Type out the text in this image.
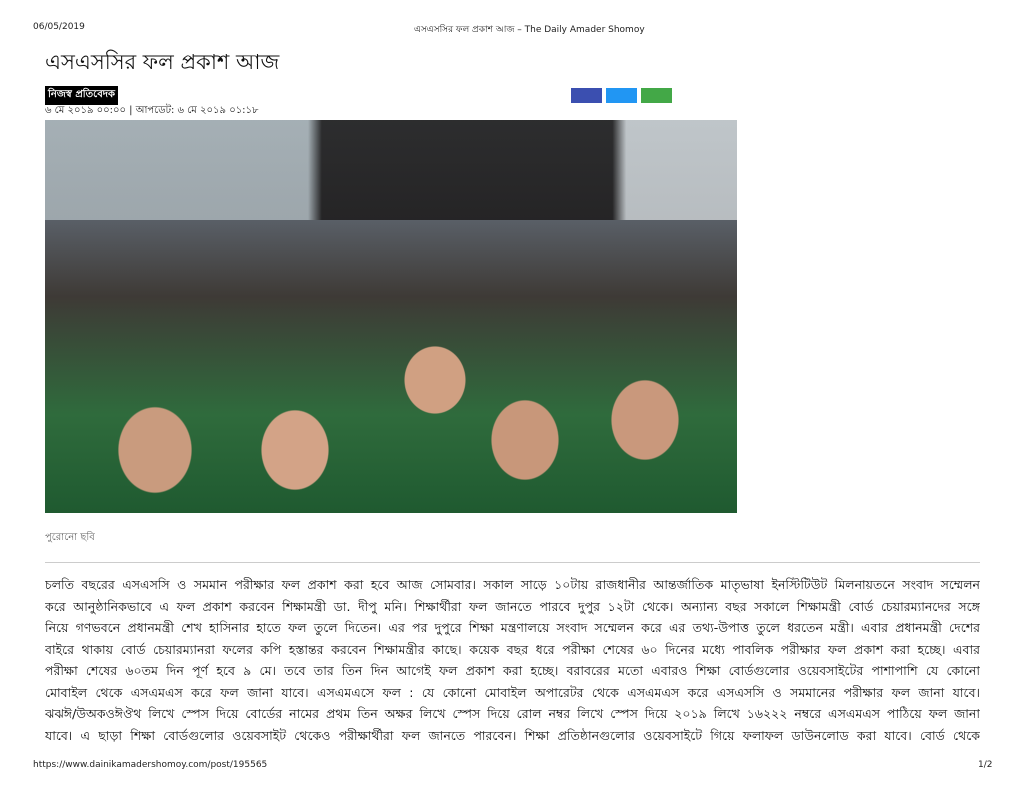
06/05/2019	এসএসসির ফল প্রকাশ আজ – The Daily Amader Shomoy
এসএসসির ফল প্রকাশ আজ
নিজস্ব প্রতিবেদক
৬ মে ২০১৯ ০০:০০ | আপডেট: ৬ মে ২০১৯ ০১:১৮
পুরোনো ছবি
চলতি বছরের এসএসসি ও সমমান পরীক্ষার ফল প্রকাশ করা হবে আজ সোমবার। সকাল সাড়ে ১০টায় রাজধানীর আন্তর্জাতিক মাতৃভাষা ইনস্টিটিউট মিলনায়তনে সংবাদ সম্মেলন
করে আনুষ্ঠানিকভাবে এ ফল প্রকাশ করবেন শিক্ষামন্ত্রী ডা. দীপু মনি। শিক্ষার্থীরা ফল জানতে পারবে দুপুর ১২টা থেকে। অন্যান্য বছর সকালে শিক্ষামন্ত্রী বোর্ড চেয়ারম্যানদের সঙ্গে
নিয়ে গণভবনে প্রধানমন্ত্রী শেখ হাসিনার হাতে ফল তুলে দিতেন। এর পর দুপুরে শিক্ষা মন্ত্রণালয়ে সংবাদ সম্মেলন করে এর তথ্য-উপাত্ত তুলে ধরতেন মন্ত্রী। এবার প্রধানমন্ত্রী দেশের
বাইরে থাকায় বোর্ড চেয়ারম্যানরা ফলের কপি হস্তান্তর করবেন শিক্ষামন্ত্রীর কাছে। কয়েক বছর ধরে পরীক্ষা শেষের ৬০ দিনের মধ্যে পাবলিক পরীক্ষার ফল প্রকাশ করা হচ্ছে। এবার
পরীক্ষা শেষের ৬০তম দিন পূর্ণ হবে ৯ মে। তবে তার তিন দিন আগেই ফল প্রকাশ করা হচ্ছে। বরাবরের মতো এবারও শিক্ষা বোর্ডগুলোর ওয়েবসাইটের পাশাপাশি যে কোনো
মোবাইল থেকে এসএমএস করে ফল জানা যাবে। এসএমএসে ফল : যে কোনো মোবাইল অপারেটর থেকে এসএমএস করে এসএসসি ও সমমানের পরীক্ষার ফল জানা যাবে।
ঝঝঈ/উঅকওঈঔথ লিখে স্পেস দিয়ে বোর্ডের নামের প্রথম তিন অক্ষর লিখে স্পেস দিয়ে রোল নম্বর লিখে স্পেস দিয়ে ২০১৯ লিখে ১৬২২২ নম্বরে এসএমএস পাঠিয়ে ফল জানা
যাবে। এ ছাড়া শিক্ষা বোর্ডগুলোর ওয়েবসাইট থেকেও পরীক্ষার্থীরা ফল জানতে পারবেন। শিক্ষা প্রতিষ্ঠানগুলোর ওয়েবসাইটে গিয়ে ফলাফল ডাউনলোড করা যাবে। বোর্ড থেকে
https://www.dainikamadershomoy.com/post/195565	1/2
